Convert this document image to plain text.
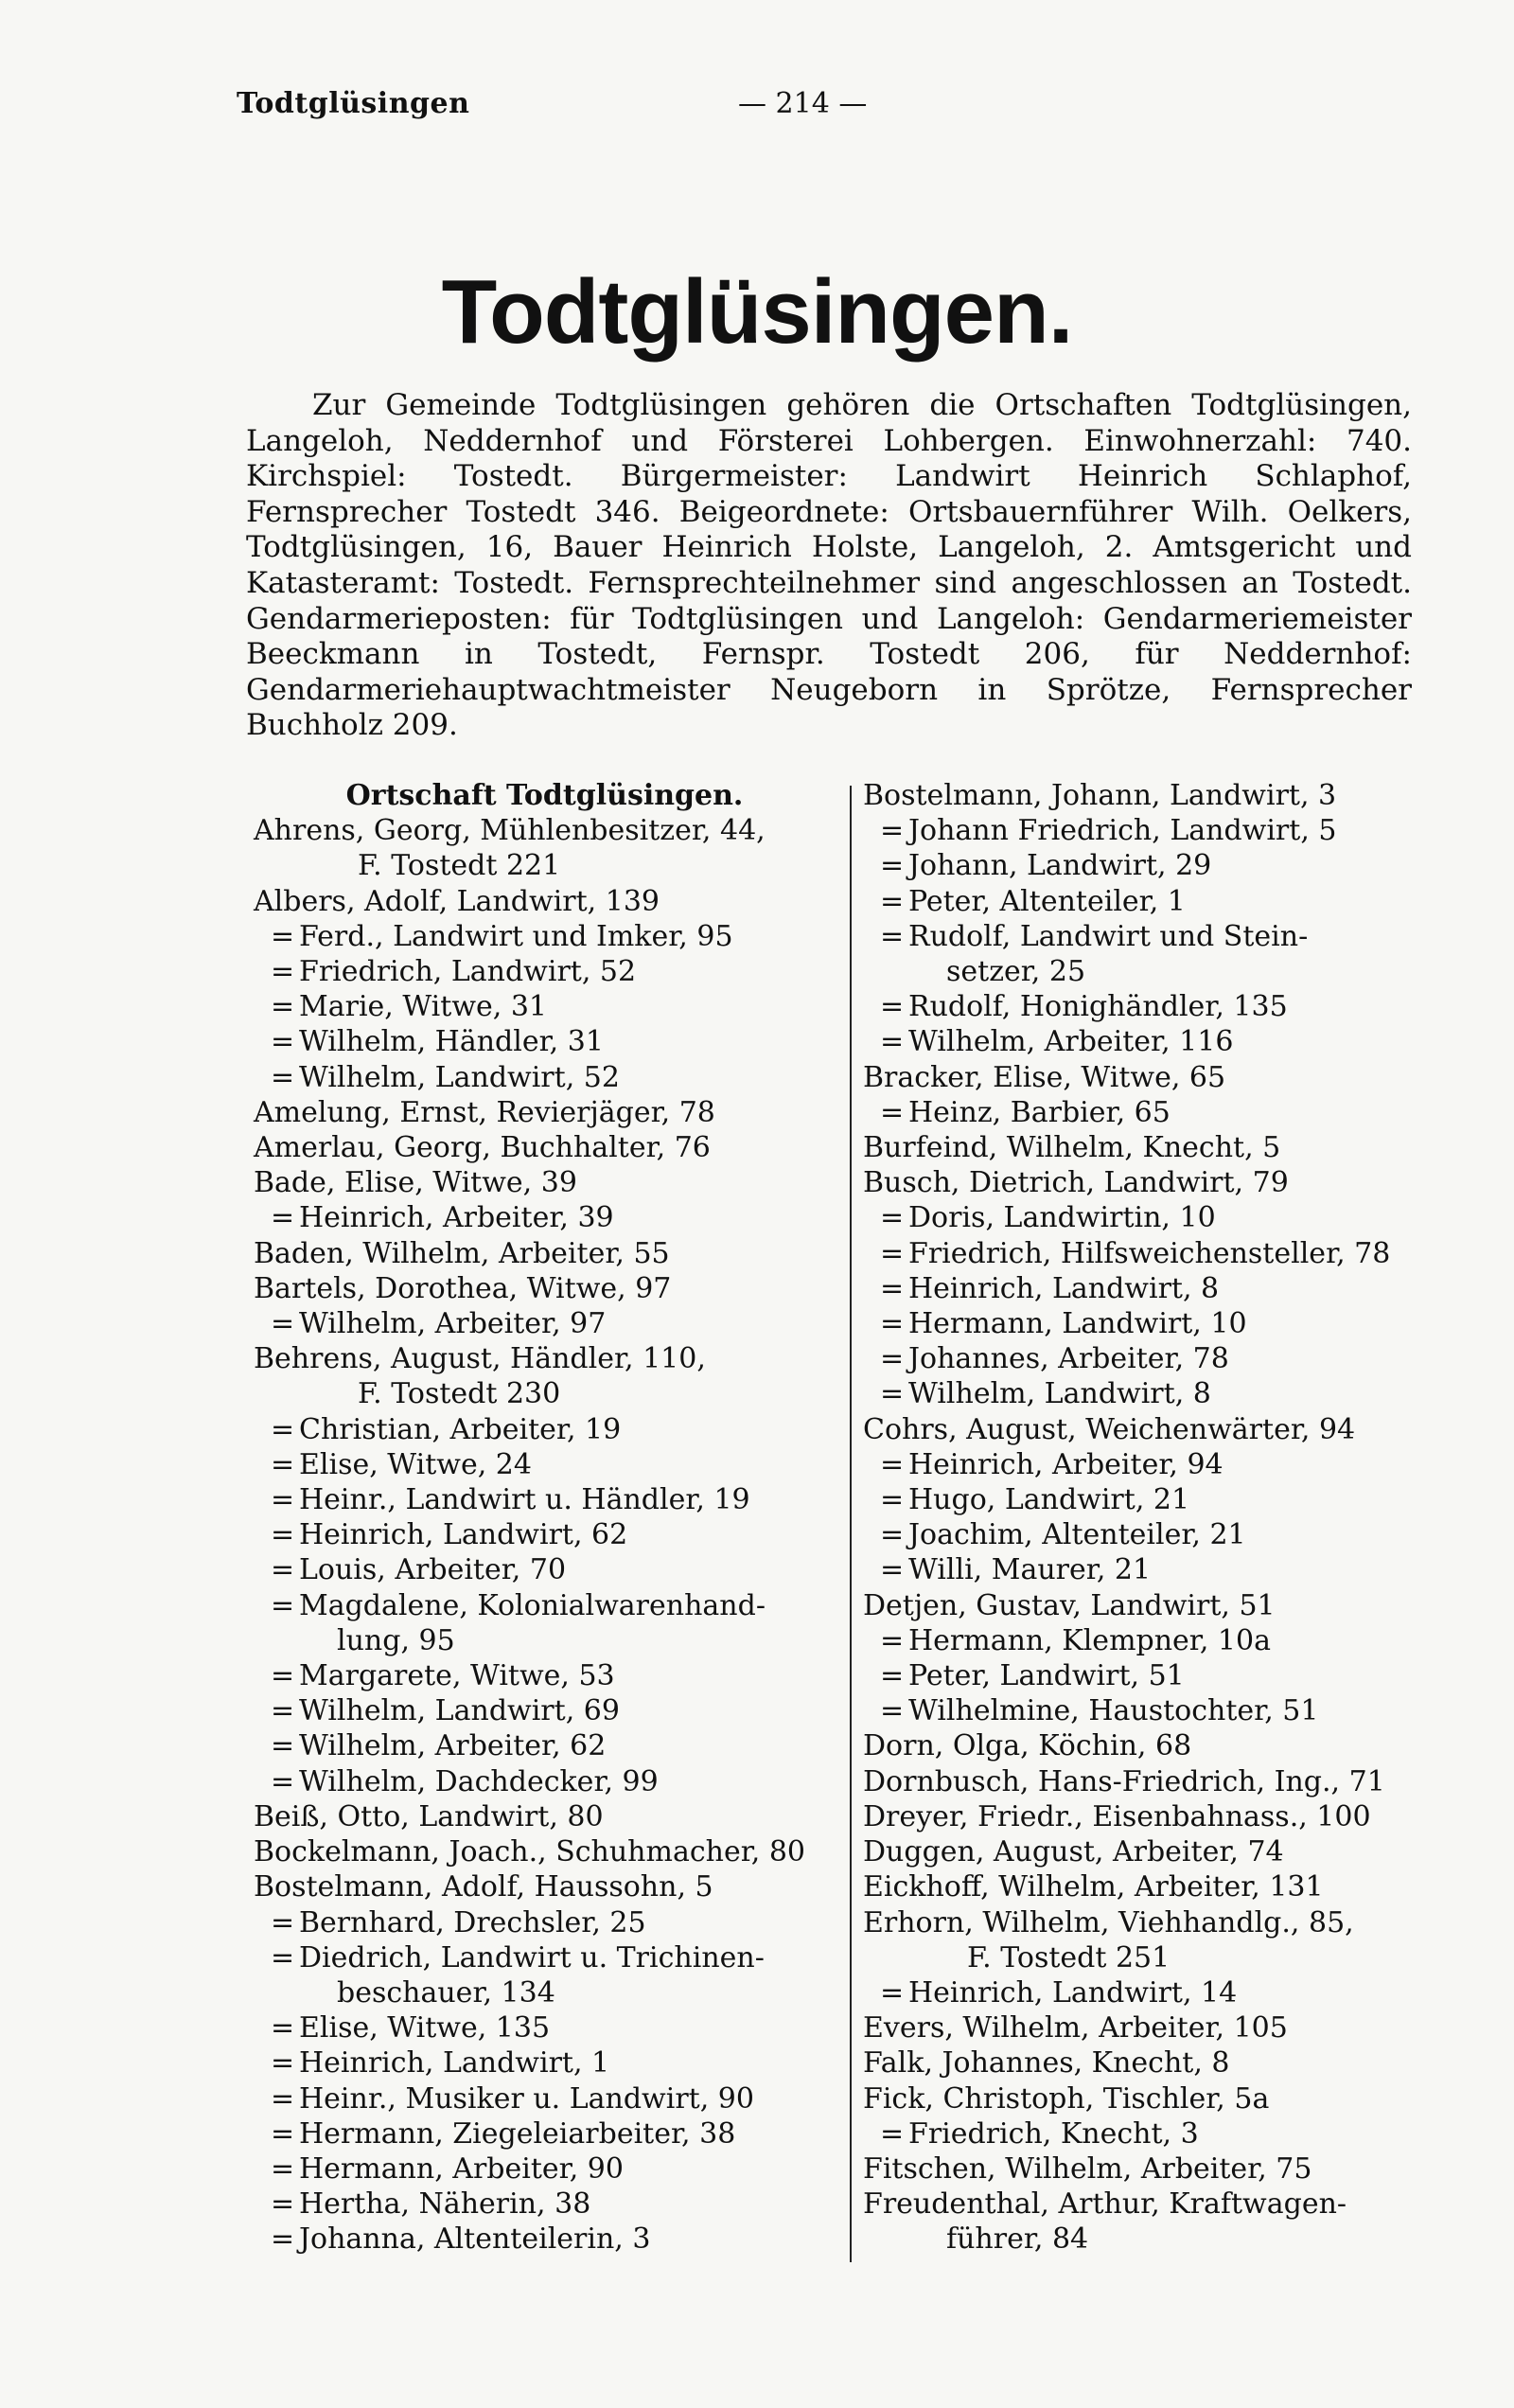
Todtglüsingen	— 214 —
Todtglüsingen.

Zur Gemeinde Todtglüsingen gehören die Ortschaften Todtglüsingen, Langeloh, Neddernhof und Försterei Lohbergen. Einwohnerzahl: 740. Kirchspiel: Tostedt. Bürgermeister: Landwirt Heinrich Schlaphof, Fernsprecher Tostedt 346. Beigeordnete: Ortsbauernführer Wilh. Oelkers, Todtglüsingen, 16, Bauer Heinrich Holste, Langeloh, 2. Amtsgericht und Katasteramt: Tostedt. Fernsprechteilnehmer sind angeschlossen an Tostedt. Gendarmerieposten: für Todtglüsingen und Langeloh: Gendarmeriemeister Beeckmann in Tostedt, Fernspr. Tostedt 206, für Neddernhof: Gendarmeriehauptwachtmeister Neugeborn in Sprötze, Fernsprecher Buchholz 209.

Ortschaft Todtglüsingen.
Ahrens, Georg, Mühlenbesitzer, 44,
F. Tostedt 221
Albers, Adolf, Landwirt, 139
= Ferd., Landwirt und Imker, 95
= Friedrich, Landwirt, 52
= Marie, Witwe, 31
= Wilhelm, Händler, 31
= Wilhelm, Landwirt, 52
Amelung, Ernst, Revierjäger, 78
Amerlau, Georg, Buchhalter, 76
Bade, Elise, Witwe, 39
= Heinrich, Arbeiter, 39
Baden, Wilhelm, Arbeiter, 55
Bartels, Dorothea, Witwe, 97
= Wilhelm, Arbeiter, 97
Behrens, August, Händler, 110,
F. Tostedt 230
= Christian, Arbeiter, 19
= Elise, Witwe, 24
= Heinr., Landwirt u. Händler, 19
= Heinrich, Landwirt, 62
= Louis, Arbeiter, 70
= Magdalene, Kolonialwarenhand-
lung, 95
= Margarete, Witwe, 53
= Wilhelm, Landwirt, 69
= Wilhelm, Arbeiter, 62
= Wilhelm, Dachdecker, 99
Beiß, Otto, Landwirt, 80
Bockelmann, Joach., Schuhmacher, 80
Bostelmann, Adolf, Haussohn, 5
= Bernhard, Drechsler, 25
= Diedrich, Landwirt u. Trichinen-
beschauer, 134
= Elise, Witwe, 135
= Heinrich, Landwirt, 1
= Heinr., Musiker u. Landwirt, 90
= Hermann, Ziegeleiarbeiter, 38
= Hermann, Arbeiter, 90
= Hertha, Näherin, 38
= Johanna, Altenteilerin, 3
Bostelmann, Johann, Landwirt, 3
= Johann Friedrich, Landwirt, 5
= Johann, Landwirt, 29
= Peter, Altenteiler, 1
= Rudolf, Landwirt und Stein-
setzer, 25
= Rudolf, Honighändler, 135
= Wilhelm, Arbeiter, 116
Bracker, Elise, Witwe, 65
= Heinz, Barbier, 65
Burfeind, Wilhelm, Knecht, 5
Busch, Dietrich, Landwirt, 79
= Doris, Landwirtin, 10
= Friedrich, Hilfsweichensteller, 78
= Heinrich, Landwirt, 8
= Hermann, Landwirt, 10
= Johannes, Arbeiter, 78
= Wilhelm, Landwirt, 8
Cohrs, August, Weichenwärter, 94
= Heinrich, Arbeiter, 94
= Hugo, Landwirt, 21
= Joachim, Altenteiler, 21
= Willi, Maurer, 21
Detjen, Gustav, Landwirt, 51
= Hermann, Klempner, 10a
= Peter, Landwirt, 51
= Wilhelmine, Haustochter, 51
Dorn, Olga, Köchin, 68
Dornbusch, Hans-Friedrich, Ing., 71
Dreyer, Friedr., Eisenbahnass., 100
Duggen, August, Arbeiter, 74
Eickhoff, Wilhelm, Arbeiter, 131
Erhorn, Wilhelm, Viehhandlg., 85,
F. Tostedt 251
= Heinrich, Landwirt, 14
Evers, Wilhelm, Arbeiter, 105
Falk, Johannes, Knecht, 8
Fick, Christoph, Tischler, 5a
= Friedrich, Knecht, 3
Fitschen, Wilhelm, Arbeiter, 75
Freudenthal, Arthur, Kraftwagen-
führer, 84
